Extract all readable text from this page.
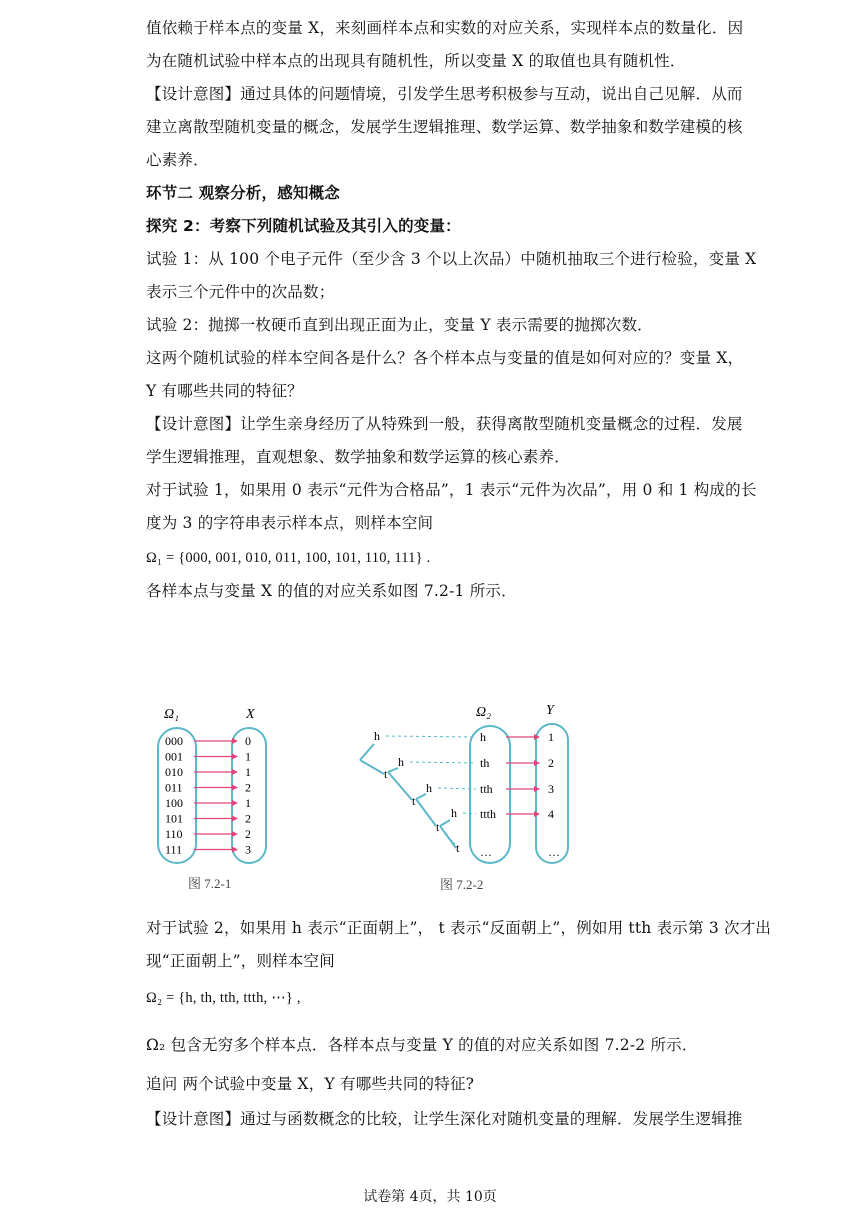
值依赖于样本点的变量 X，来刻画样本点和实数的对应关系，实现样本点的数量化．因
为在随机试验中样本点的出现具有随机性，所以变量 X 的取值也具有随机性．
【设计意图】通过具体的问题情境，引发学生思考积极参与互动，说出自己见解．从而
建立离散型随机变量的概念，发展学生逻辑推理、数学运算、数学抽象和数学建模的核
心素养．
环节二 观察分析，感知概念
探究 2：考察下列随机试验及其引入的变量：
试验 1：从 100 个电子元件（至少含 3 个以上次品）中随机抽取三个进行检验，变量 X
表示三个元件中的次品数；
试验 2：抛掷一枚硬币直到出现正面为止，变量 Y 表示需要的抛掷次数．
这两个随机试验的样本空间各是什么？各个样本点与变量的值是如何对应的？变量 X，
Y 有哪些共同的特征？
【设计意图】让学生亲身经历了从特殊到一般，获得离散型随机变量概念的过程．发展
学生逻辑推理，直观想象、数学抽象和数学运算的核心素养．
对于试验 1，如果用 0 表示“元件为合格品”，1 表示“元件为次品”，用 0 和 1 构成的长
度为 3 的字符串表示样本点，则样本空间
Ω₁ = {000, 001, 010, 011, 100, 101, 110, 111} .
各样本点与变量 X 的值的对应关系如图 7.2-1 所示．
Ω₁	X
000	0
001	1
010	1
011	2
100	1
101	2
110	2
111	3
图 7.2-1
Ω₂	Y
h
h
h
h
t
t
t
t
h	1
th	2
tth	3
ttth	4
…	…
图 7.2-2
对于试验 2，如果用 h 表示“正面朝上”， t 表示“反面朝上”，例如用 tth 表示第 3 次才出
现“正面朝上”，则样本空间
Ω₂ = {h, th, tth, ttth, ⋯} ,
Ω₂ 包含无穷多个样本点．各样本点与变量 Y 的值的对应关系如图 7.2-2 所示．
追问 两个试验中变量 X，Y 有哪些共同的特征?
【设计意图】通过与函数概念的比较，让学生深化对随机变量的理解．发展学生逻辑推
试卷第 4页，共 10页
